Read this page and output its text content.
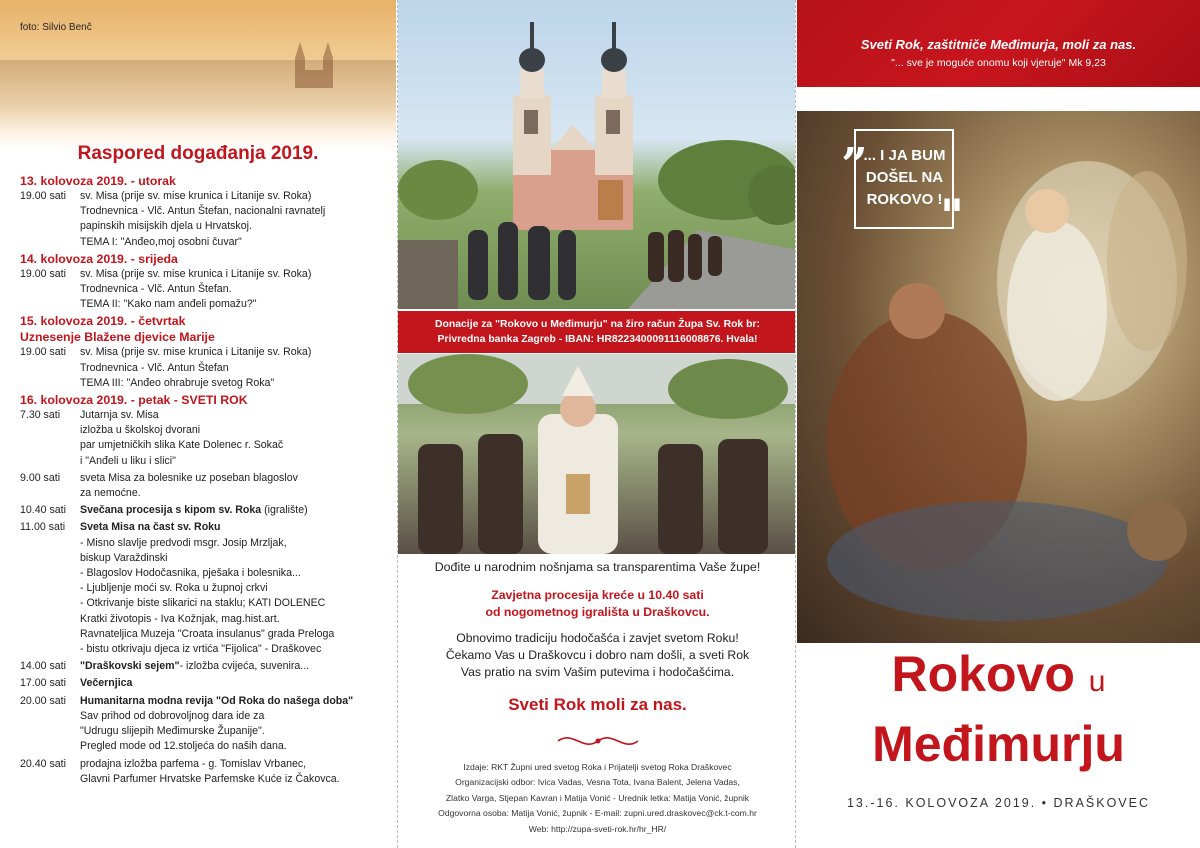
foto: Silvio Benč
Raspored događanja 2019.
13. kolovoza 2019. - utorak
19.00 sati	sv. Misa (prije sv. mise krunica i Litanije sv. Roka)
Trodnevnica - Vlč. Antun Štefan, nacionalni ravnatelj
papinskih misijskih djela u Hrvatskoj.
TEMA I: "Anđeo,moj osobni čuvar"
14. kolovoza 2019. - srijeda
19.00 sati	sv. Misa (prije sv. mise krunica i Litanije sv. Roka)
Trodnevnica - Vlč. Antun Štefan.
TEMA II: "Kako nam anđeli pomažu?"
15. kolovoza 2019. - četvrtak
Uznesenje Blažene djevice Marije
19.00 sati	sv. Misa (prije sv. mise krunica i Litanije sv. Roka)
Trodnevnica - Vlč. Antun Štefan
TEMA III: "Anđeo ohrabruje svetog Roka"
16. kolovoza 2019. - petak - SVETI ROK
7.30 sati	Jutarnja sv. Misa
izložba u školskoj dvorani
par umjetničkih slika Kate Dolenec r. Sokač
i "Anđeli u liku i slici"
9.00 sati	sveta Misa za bolesnike uz poseban blagoslov
za nemoćne.
10.40 sati	Svečana procesija s kipom sv. Roka (igralište)
11.00 sati	Sveta Misa na čast sv. Roku
- Misno slavlje predvodi msgr. Josip Mrzljak,
biskup Varaždinski
- Blagoslov Hodočasnika, pješaka i bolesnika...
- Ljubljenje moći sv. Roka u župnoj crkvi
- Otkrivanje biste slikarici na staklu; KATI DOLENEC
Kratki životopis - Iva Kožnjak, mag.hist.art.
Ravnateljica Muzeja "Croata insulanus" grada Preloga
- bistu otkrivaju djeca iz vrtića "Fijolica" - Draškovec
14.00 sati	"Draškovski sejem"- izložba cvijeća, suvenira...
17.00 sati	Večernjica
20.00 sati	Humanitarna modna revija "Od Roka do našega doba"
Sav prihod od dobrovoljnog dara ide za
"Udrugu slijepih Međimurske Županije".
Pregled mode od 12.stoljeća do naših dana.
20.40 sati	prodajna izložba parfema - g. Tomislav Vrbanec,
Glavni Parfumer Hrvatske Parfemske Kuće iz Čakovca.
Donacije za "Rokovo u Međimurju" na žiro račun Župa Sv. Rok br:
Privredna banka Zagreb - IBAN: HR8223400091116008876. Hvala!
Dođite u narodnim nošnjama sa transparentima Vaše župe!
Zavjetna procesija kreće u 10.40 sati
od nogometnog igrališta u Draškovcu.
Obnovimo tradiciju hodočašća i zavjet svetom Roku!
Čekamo Vas u Draškovcu i dobro nam došli, a sveti Rok
Vas pratio na svim Vašim putevima i hodočašćima.
Sveti Rok moli za nas.
Izdaje: RKT Župni ured svetog Roka i Prijatelji svetog Roka Draškovec
Organizacijski odbor: Ivica Vadas, Vesna Tota, Ivana Balent, Jelena Vadas,
Zlatko Varga, Stjepan Kavran i Matija Vonić - Urednik letka: Matija Vonić, župnik
Odgovorna osoba: Matija Vonić, župnik - E-mail: zupni.ured.draskovec@ck.t-com.hr
Web: http://zupa-sveti-rok.hr/hr_HR/
Sveti Rok, zaštitniče Međimurja, moli za nas.
"... sve je moguće onomu koji vjeruje" Mk 9,23
„
"
... I JA BUM
DOŠEL NA
ROKOVO !
Rokovo u
Međimurju
13.-16. KOLOVOZA 2019. • DRAŠKOVEC
